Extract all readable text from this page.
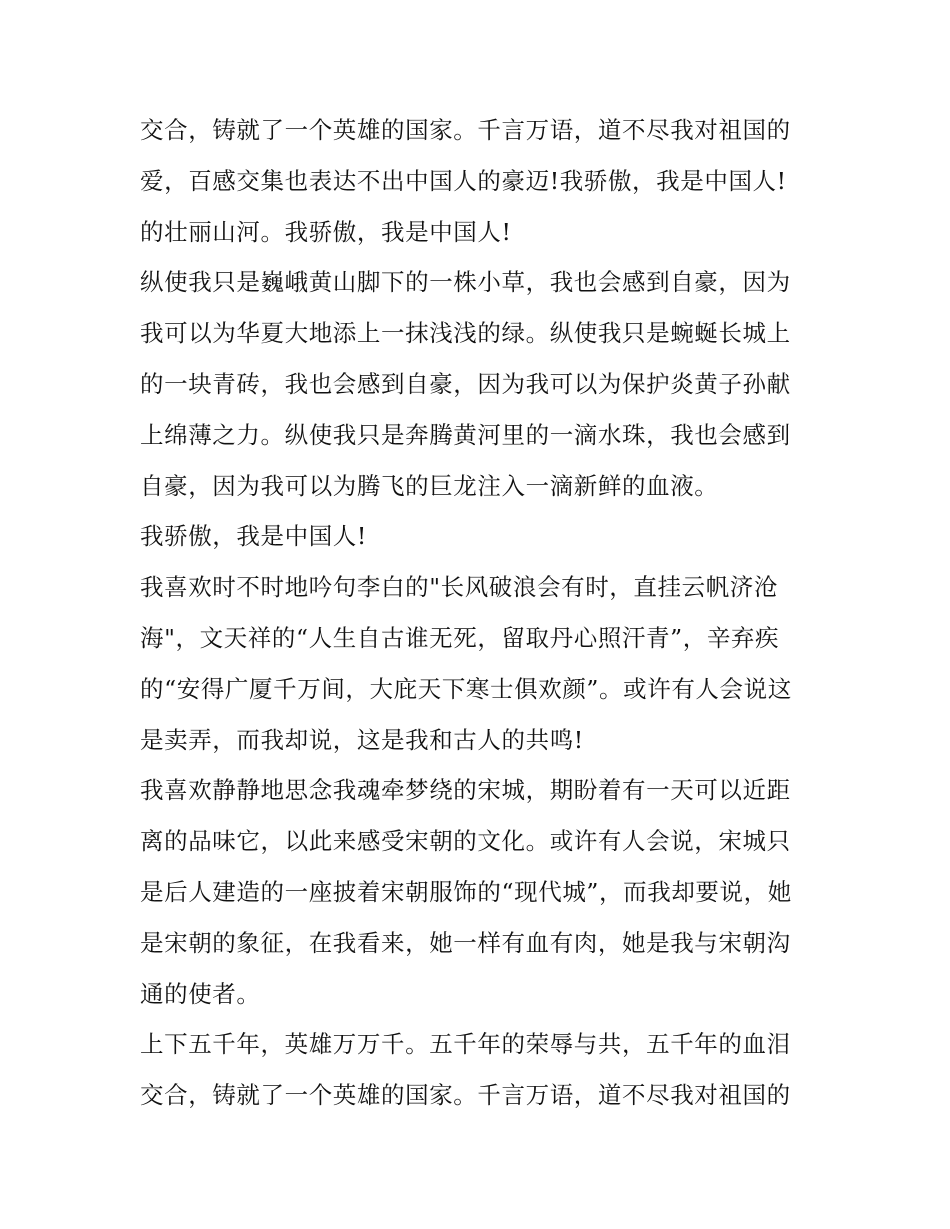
交合，铸就了一个英雄的国家。千言万语，道不尽我对祖国的

爱，百感交集也表达不出中国人的豪迈!我骄傲，我是中国人!

的壮丽山河。我骄傲，我是中国人!

纵使我只是巍峨黄山脚下的一株小草，我也会感到自豪，因为

我可以为华夏大地添上一抹浅浅的绿。纵使我只是蜿蜒长城上

的一块青砖，我也会感到自豪，因为我可以为保护炎黄子孙献

上绵薄之力。纵使我只是奔腾黄河里的一滴水珠，我也会感到

自豪，因为我可以为腾飞的巨龙注入一滴新鲜的血液。

我骄傲，我是中国人!

我喜欢时不时地吟句李白的"长风破浪会有时，直挂云帆济沧

海"，文天祥的“人生自古谁无死，留取丹心照汗青”，辛弃疾

的“安得广厦千万间，大庇天下寒士俱欢颜”。或许有人会说这

是卖弄，而我却说，这是我和古人的共鸣!

我喜欢静静地思念我魂牵梦绕的宋城，期盼着有一天可以近距

离的品味它，以此来感受宋朝的文化。或许有人会说，宋城只

是后人建造的一座披着宋朝服饰的“现代城”，而我却要说，她

是宋朝的象征，在我看来，她一样有血有肉，她是我与宋朝沟

通的使者。

上下五千年，英雄万万千。五千年的荣辱与共，五千年的血泪

交合，铸就了一个英雄的国家。千言万语，道不尽我对祖国的
